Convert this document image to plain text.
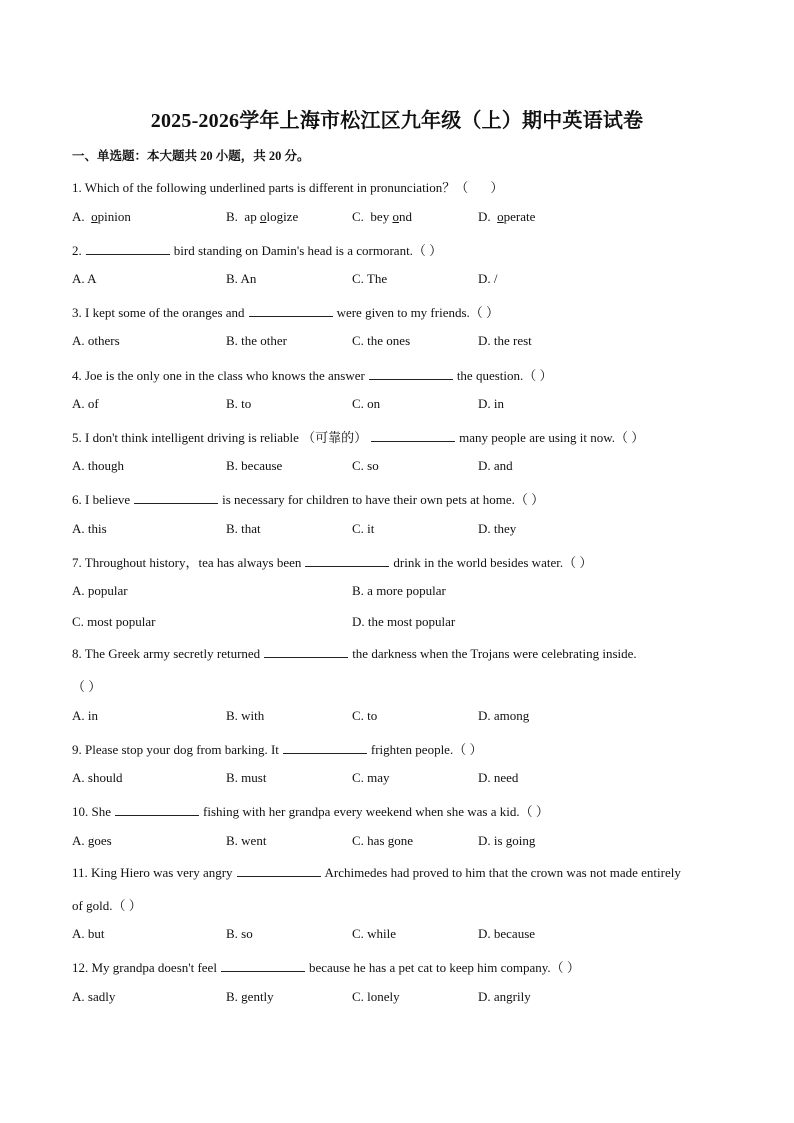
2025-2026学年上海市松江区九年级（上）期中英语试卷
一、单选题：本大题共 20 小题，共 20 分。
1. Which of the following underlined parts is different in pronunciation？（ ）
A.  opinion	B.  ap ologize	C.  bey ond	D.  operate
2.	bird standing on Damin's head is a cormorant.（ ）
A. A	B. An	C. The	D. /
3. I kept some of the oranges and	were given to my friends.（ ）
A. others	B. the other	C. the ones	D. the rest
4. Joe is the only one in the class who knows the answer	the question.（ ）
A. of	B. to	C. on	D. in
5. I don't think intelligent driving is reliable （可靠的）	many people are using it now.（ ）
A. though	B. because	C. so	D. and
6. I believe	is necessary for children to have their own pets at home.（ ）
A. this	B. that	C. it	D. they
7. Throughout history，tea has always been	drink in the world besides water.（ ）
A. popular	B. a more popular
C. most popular	D. the most popular
8. The Greek army secretly returned	the darkness when the Trojans were celebrating inside.
（ ）
A. in	B. with	C. to	D. among
9. Please stop your dog from barking. It	frighten people.（ ）
A. should	B. must	C. may	D. need
10. She	fishing with her grandpa every weekend when she was a kid.（ ）
A. goes	B. went	C. has gone	D. is going
11. King Hiero was very angry	Archimedes had proved to him that the crown was not made entirely
of gold.（ ）
A. but	B. so	C. while	D. because
12. My grandpa doesn't feel	because he has a pet cat to keep him company.（ ）
A. sadly	B. gently	C. lonely	D. angrily
